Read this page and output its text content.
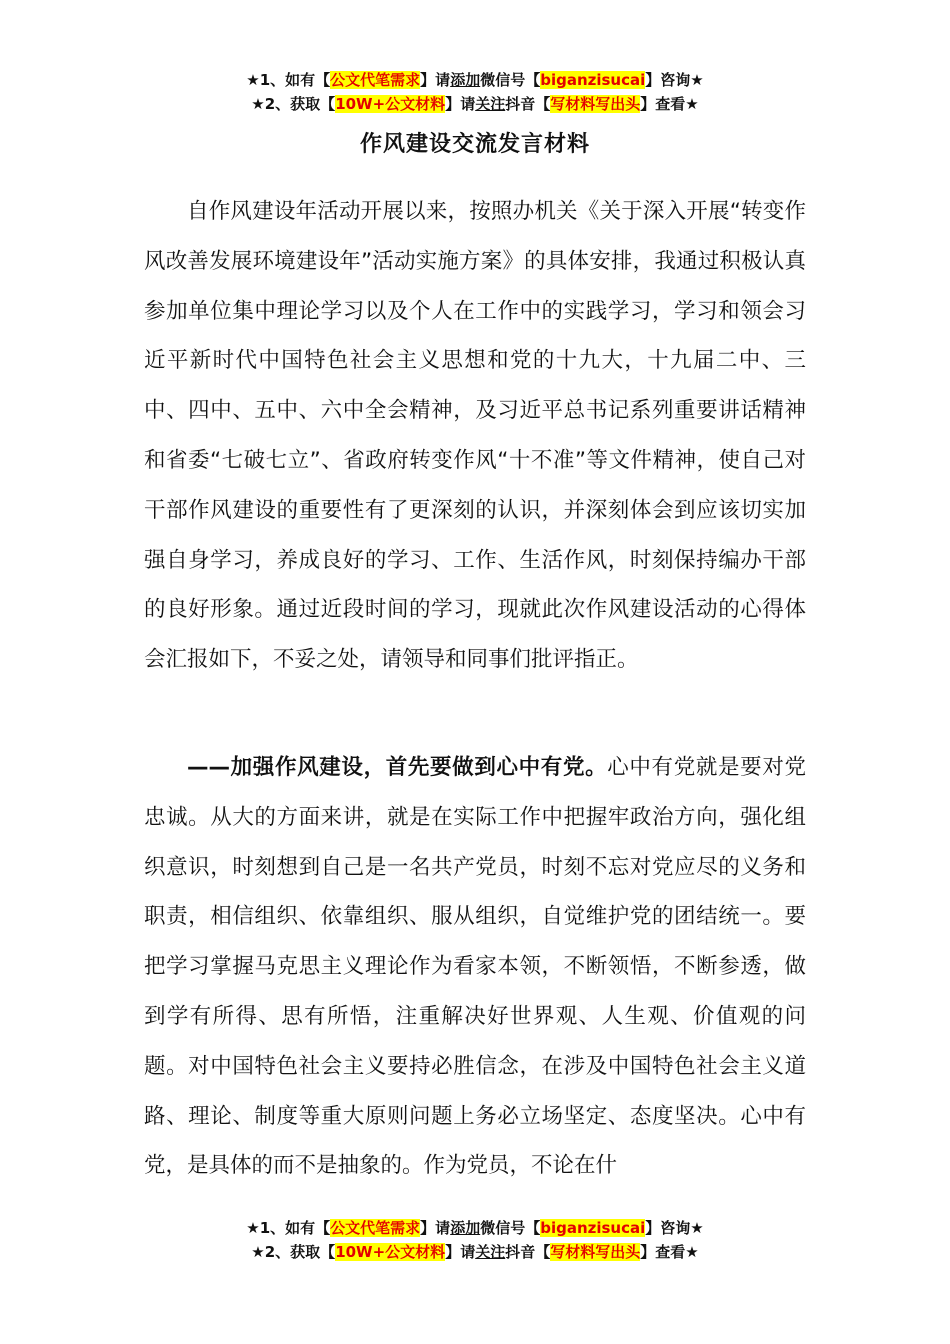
★1、如有【公文代笔需求】请添加微信号【biganzisucai】咨询★
★2、获取【10W+公文材料】请关注抖音【写材料写出头】查看★
作风建设交流发言材料

自作风建设年活动开展以来，按照办机关《关于深入开展“转变作风改善发展环境建设年”活动实施方案》的具体安排，我通过积极认真参加单位集中理论学习以及个人在工作中的实践学习，学习和领会习近平新时代中国特色社会主义思想和党的十九大，十九届二中、三中、四中、五中、六中全会精神，及习近平总书记系列重要讲话精神和省委“七破七立”、省政府转变作风“十不准”等文件精神，使自己对干部作风建设的重要性有了更深刻的认识，并深刻体会到应该切实加强自身学习，养成良好的学习、工作、生活作风，时刻保持编办干部的良好形象。通过近段时间的学习，现就此次作风建设活动的心得体会汇报如下，不妥之处，请领导和同事们批评指正。

——加强作风建设，首先要做到心中有党。心中有党就是要对党忠诚。从大的方面来讲，就是在实际工作中把握牢政治方向，强化组织意识，时刻想到自己是一名共产党员，时刻不忘对党应尽的义务和职责，相信组织、依靠组织、服从组织，自觉维护党的团结统一。要把学习掌握马克思主义理论作为看家本领，不断领悟，不断参透，做到学有所得、思有所悟，注重解决好世界观、人生观、价值观的问题。对中国特色社会主义要持必胜信念，在涉及中国特色社会主义道路、理论、制度等重大原则问题上务必立场坚定、态度坚决。心中有党，是具体的而不是抽象的。作为党员，不论在什

★1、如有【公文代笔需求】请添加微信号【biganzisucai】咨询★
★2、获取【10W+公文材料】请关注抖音【写材料写出头】查看★
